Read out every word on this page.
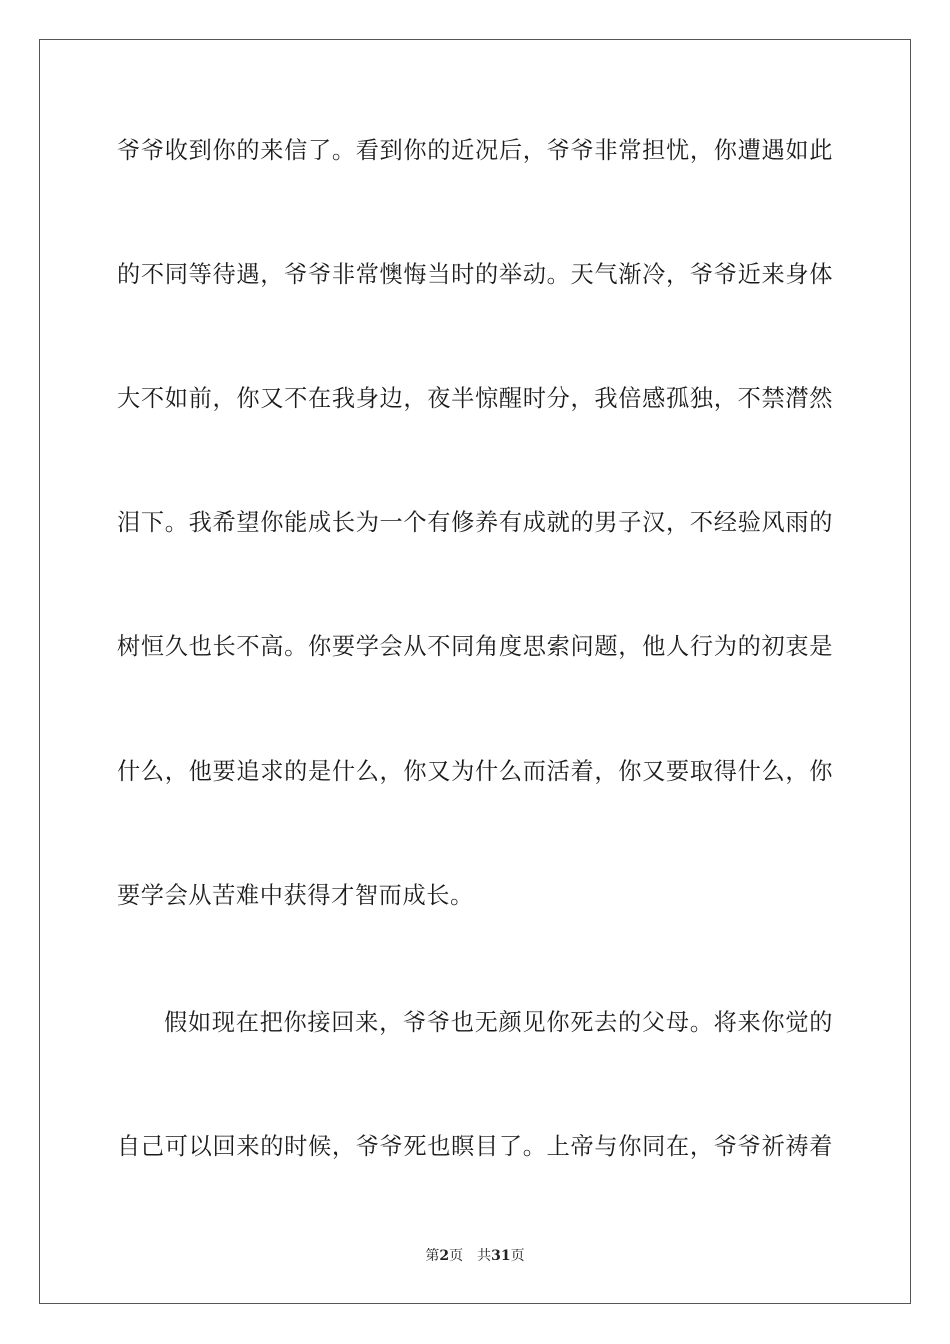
爷爷收到你的来信了。看到你的近况后，爷爷非常担忧，你遭遇如此
的不同等待遇，爷爷非常懊悔当时的举动。天气渐冷，爷爷近来身体
大不如前，你又不在我身边，夜半惊醒时分，我倍感孤独，不禁潸然
泪下。我希望你能成长为一个有修养有成就的男子汉，不经验风雨的
树恒久也长不高。你要学会从不同角度思索问题，他人行为的初衷是
什么，他要追求的是什么，你又为什么而活着，你又要取得什么，你
要学会从苦难中获得才智而成长。
假如现在把你接回来，爷爷也无颜见你死去的父母。将来你觉的
自己可以回来的时候，爷爷死也瞑目了。上帝与你同在，爷爷祈祷着
第2页 共31页
